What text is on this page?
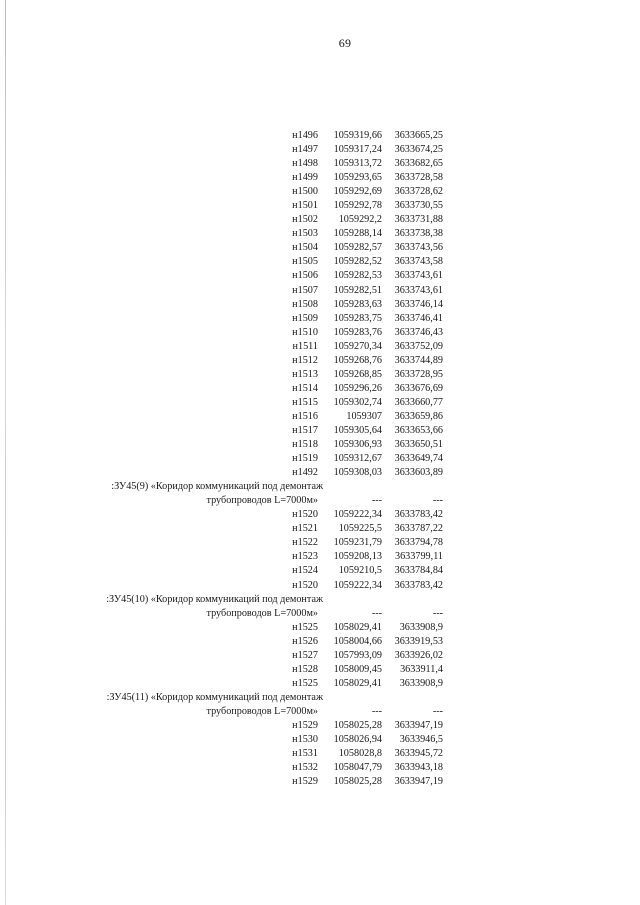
69
н1496 1059319,66 3633665,25
н1497 1059317,24 3633674,25
н1498 1059313,72 3633682,65
н1499 1059293,65 3633728,58
н1500 1059292,69 3633728,62
н1501 1059292,78 3633730,55
н1502 1059292,2 3633731,88
н1503 1059288,14 3633738,38
н1504 1059282,57 3633743,56
н1505 1059282,52 3633743,58
н1506 1059282,53 3633743,61
н1507 1059282,51 3633743,61
н1508 1059283,63 3633746,14
н1509 1059283,75 3633746,41
н1510 1059283,76 3633746,43
н1511 1059270,34 3633752,09
н1512 1059268,76 3633744,89
н1513 1059268,85 3633728,95
н1514 1059296,26 3633676,69
н1515 1059302,74 3633660,77
н1516	1059307 3633659,86
н1517 1059305,64 3633653,66
н1518 1059306,93 3633650,51
н1519 1059312,67 3633649,74
н1492 1059308,03 3633603,89
:ЗУ45(9) «Коридор коммуникаций под демонтаж
трубопроводов L=7000м»	---	---
н1520 1059222,34 3633783,42
н1521 1059225,5 3633787,22
н1522 1059231,79 3633794,78
н1523 1059208,13 3633799,11
н1524 1059210,5 3633784,84
н1520 1059222,34 3633783,42
:ЗУ45(10) «Коридор коммуникаций под демонтаж
трубопроводов L=7000м»	---	---
н1525 1058029,41 3633908,9
н1526 1058004,66 3633919,53
н1527 1057993,09 3633926,02
н1528 1058009,45 3633911,4
н1525 1058029,41 3633908,9
:ЗУ45(11) «Коридор коммуникаций под демонтаж
трубопроводов L=7000м»	---	---
н1529 1058025,28 3633947,19
н1530 1058026,94 3633946,5
н1531 1058028,8 3633945,72
н1532 1058047,79 3633943,18
н1529 1058025,28 3633947,19
